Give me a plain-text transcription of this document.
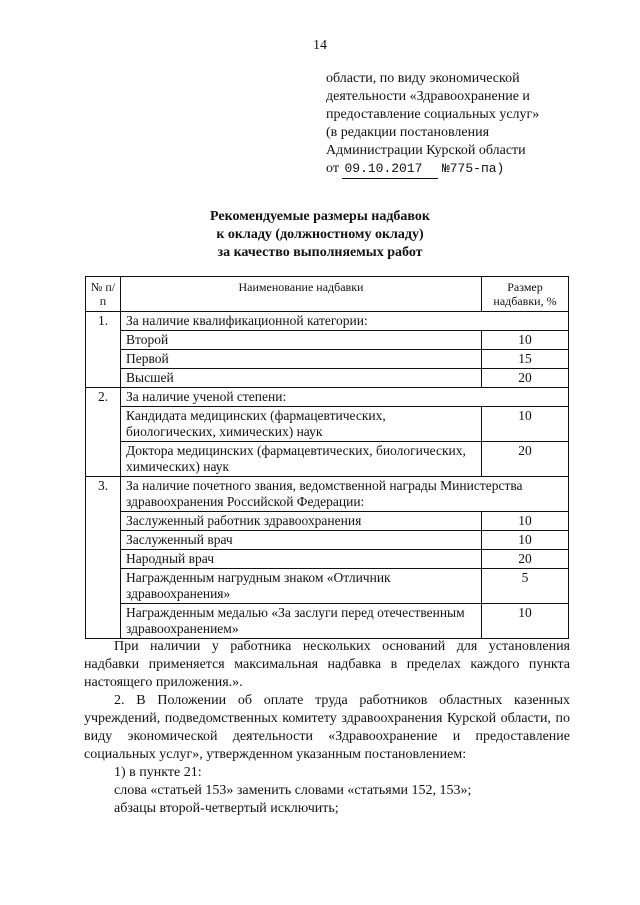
14
области, по виду экономической
деятельности «Здравоохранение и
предоставление социальных услуг»
(в редакции постановления
Администрации Курской области
от 09.10.2017 №775-па)
Рекомендуемые размеры надбавок
к окладу (должностному окладу)
за качество выполняемых работ
№ п/п	Наименование надбавки	Размер надбавки, %
1.	За наличие квалификационной категории:	
	Второй	10
	Первой	15
	Высшей	20
2.	За наличие ученой степени:	
	Кандидата медицинских (фармацевтических, биологических, химических) наук	10
	Доктора медицинских (фармацевтических, биологических, химических) наук	20
3.	За наличие почетного звания, ведомственной награды Министерства здравоохранения Российской Федерации:	
	Заслуженный работник здравоохранения	10
	Заслуженный врач	10
	Народный врач	20
	Награжденным нагрудным знаком «Отличник здравоохранения»	5
	Награжденным медалью «За заслуги перед отечественным здравоохранением»	10

При наличии у работника нескольких оснований для установления надбавки применяется максимальная надбавка в пределах каждого пункта настоящего приложения.».

2. В Положении об оплате труда работников областных казенных учреждений, подведомственных комитету здравоохранения Курской области, по виду экономической деятельности «Здравоохранение и предоставление социальных услуг», утвержденном указанным постановлением:

1) в пункте 21:

слова «статьей 153» заменить словами «статьями 152, 153»;

абзацы второй-четвертый исключить;
